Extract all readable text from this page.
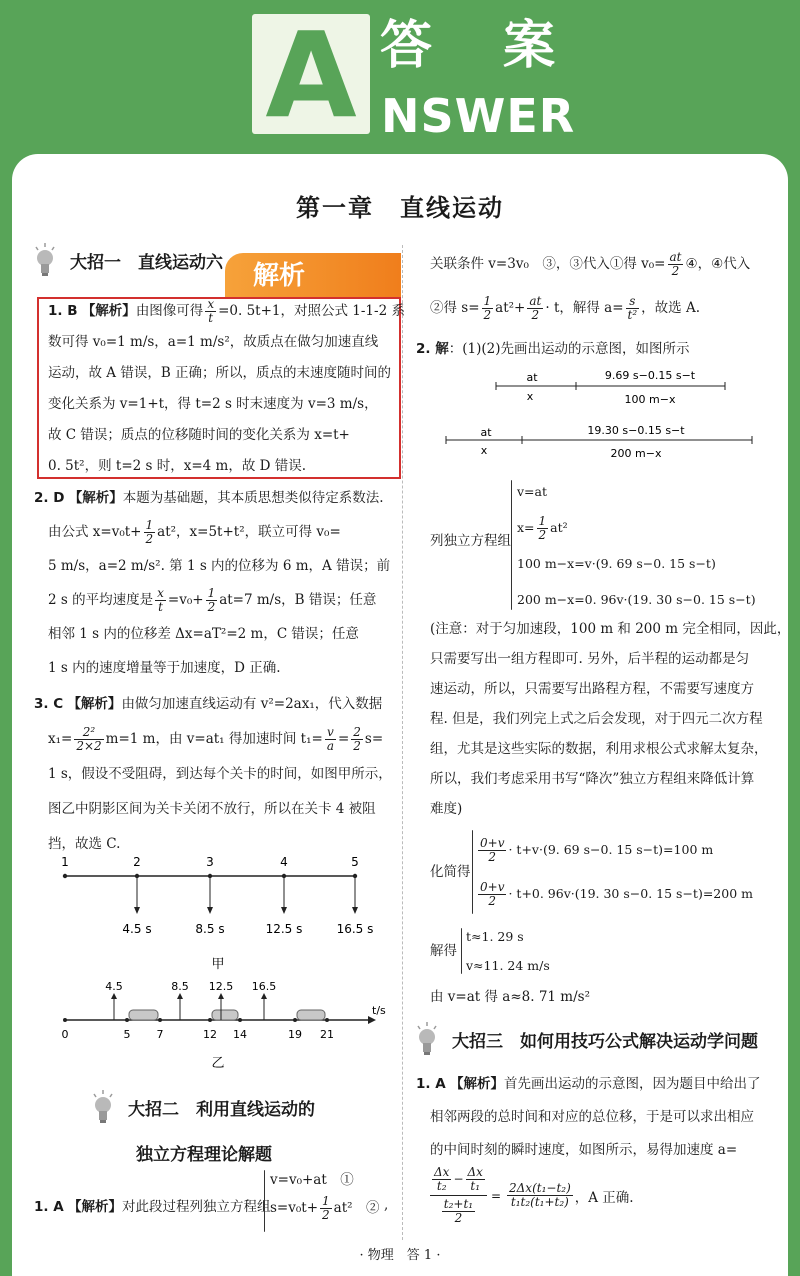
A 答 案
NSWER
第一章　直线运动
大招一　直线运动六	解析

1. B 【解析】由图像可得 $\frac{x}{t} =0$. 5t+1，对照公式 1-1-2 系

数可得 v₀=1 m/s，a=1 m/s²，故质点在做匀加速直线

运动，故 A 错误，B 正确；所以，质点的末速度随时间的

变化关系为 v=1+t，得 t=2 s 时末速度为 v=3 m/s，

故 C 错误；质点的位移随时间的变化关系为 x=t+

0. 5t²，则 t=2 s 时，x=4 m，故 D 错误.

2. D 【解析】本题为基础题，其本质思想类似待定系数法.

由公式 $x=v_0t+ \frac{1}{2} at^2$，x=5t+t²，联立可得 v₀=

5 m/s，a=2 m/s². 第 1 s 内的位移为 6 m，A 错误；前

2 s 的平均速度是 $\frac{x}{t} =v_0+ \frac{1}{2} at=7$ m/s，B 错误；任意

相邻 1 s 内的位移差 Δx=aT²=2 m，C 错误；任意

1 s 内的速度增量等于加速度，D 正确.

3. C 【解析】由做匀加速直线运动有 v²=2ax₁，代入数据

$x_1= \frac{\text{2²}}{2\times 2} m=1$ m，由 v=at₁ 得加速时间 $t_1= \frac{v}{a} = \frac{2}{2} s=$

1 s，假设不受阻碍，到达每个关卡的时间，如图甲所示，

图乙中阴影区间为关卡关闭不放行，所以在关卡 4 被阻

挡，故选 C.

1	2	3	4	5
4.5 s	8.5 s	12.5 s	16.5 s
甲
t/s
0	5 7	12 14	19 21
4.5	8.5 12.5 16.5
乙
大招二　利用直线运动的
独立方程理论解题

1. A 【解析】对此段过程列独立方程组

v=v₀+at　①

$s=v_0t+ \frac{1}{2} at^2$　② ,

关联条件 v=3v₀　③，③代入①得 $v_0= \frac{at}{2}$ ④，④代入

②得 $s= \frac{1}{2} at^2+ \frac{at}{2} \cdot t$，解得 $a= \frac{s}{\text{t²}}$ ，故选 A.

2. 解：(1)(2)先画出运动的示意图，如图所示

at
x
9.69 s−0.15 s−t
100 m−x
at
x
19.30 s−0.15 s−t
200 m−x
列独立方程组

v=at

$x= \frac{1}{2} at^2$

100 m−x=v·(9. 69 s−0. 15 s−t)

200 m−x=0. 96v·(19. 30 s−0. 15 s−t)

(注意：对于匀加速段，100 m 和 200 m 完全相同，因此，

只需要写出一组方程即可. 另外，后半程的运动都是匀

速运动，所以，只需要写出路程方程，不需要写速度方

程. 但是，我们列完上式之后会发现，对于四元二次方程

组，尤其是这些实际的数据，利用求根公式求解太复杂，

所以，我们考虑采用书写“降次”独立方程组来降低计算

难度)

化简得

$\frac{0+v}{2} \cdot t+v\cdot(9$. 69 s−0. 15 s−t)=100 m

$\frac{0+v}{2} \cdot t+0$. 96v·(19. 30 s−0. 15 s−t)=200 m

解得

t≈1. 29 s

v≈11. 24 m/s

由 v=at 得 a≈8. 71 m/s²
大招三　如何用技巧公式解决运动学问题

1. A 【解析】首先画出运动的示意图，因为题目中给出了

相邻两段的总时间和对应的总位移，于是可以求出相应

的中间时刻的瞬时速度，如图所示，易得加速度 a=

$\frac{\Delta x}{\text{t₂}} - \frac{\Delta x}{\text{t₁}}$
$\frac{\text{t₂+t₁}}{2}$
= $\frac{\text{2Δx(t₁−t₂)}}{\text{t₁t₂(t₁+t₂)}}$ ，A 正确.
· 物理　答 1 ·
